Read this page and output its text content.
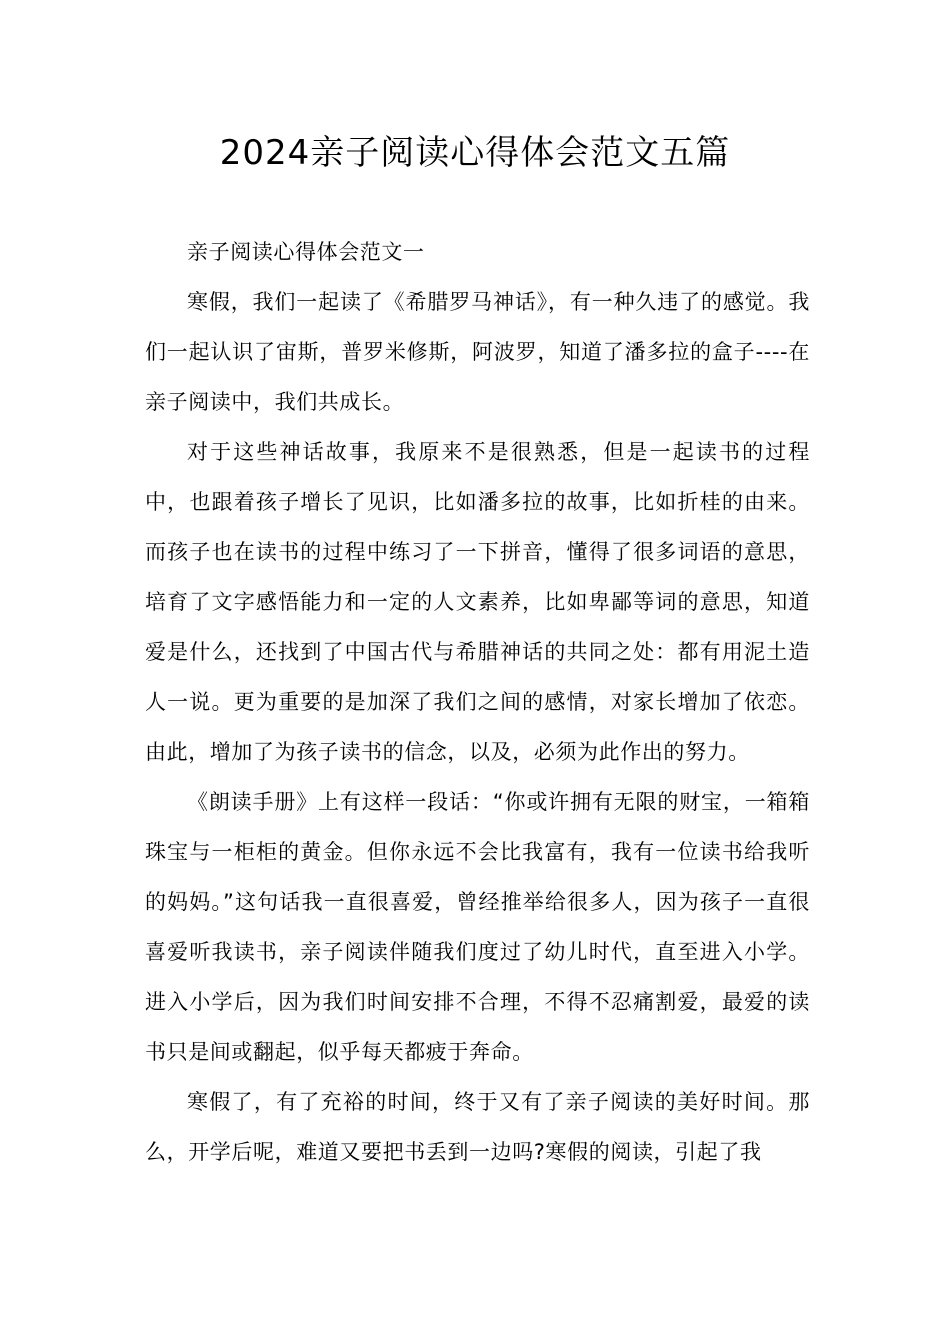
2024亲子阅读心得体会范文五篇

亲子阅读心得体会范文一

寒假，我们一起读了《希腊罗马神话》，有一种久违了的感觉。我们一起认识了宙斯，普罗米修斯，阿波罗，知道了潘多拉的盒子----在亲子阅读中，我们共成长。

对于这些神话故事，我原来不是很熟悉，但是一起读书的过程中，也跟着孩子增长了见识，比如潘多拉的故事，比如折桂的由来。而孩子也在读书的过程中练习了一下拼音，懂得了很多词语的意思，培育了文字感悟能力和一定的人文素养，比如卑鄙等词的意思，知道爱是什么，还找到了中国古代与希腊神话的共同之处：都有用泥土造人一说。更为重要的是加深了我们之间的感情，对家长增加了依恋。由此，增加了为孩子读书的信念，以及，必须为此作出的努力。

《朗读手册》上有这样一段话：“你或许拥有无限的财宝，一箱箱珠宝与一柜柜的黄金。但你永远不会比我富有，我有一位读书给我听的妈妈。”这句话我一直很喜爱，曾经推举给很多人，因为孩子一直很喜爱听我读书，亲子阅读伴随我们度过了幼儿时代，直至进入小学。进入小学后，因为我们时间安排不合理，不得不忍痛割爱，最爱的读书只是间或翻起，似乎每天都疲于奔命。

寒假了，有了充裕的时间，终于又有了亲子阅读的美好时间。那么，开学后呢，难道又要把书丢到一边吗?寒假的阅读，引起了我
